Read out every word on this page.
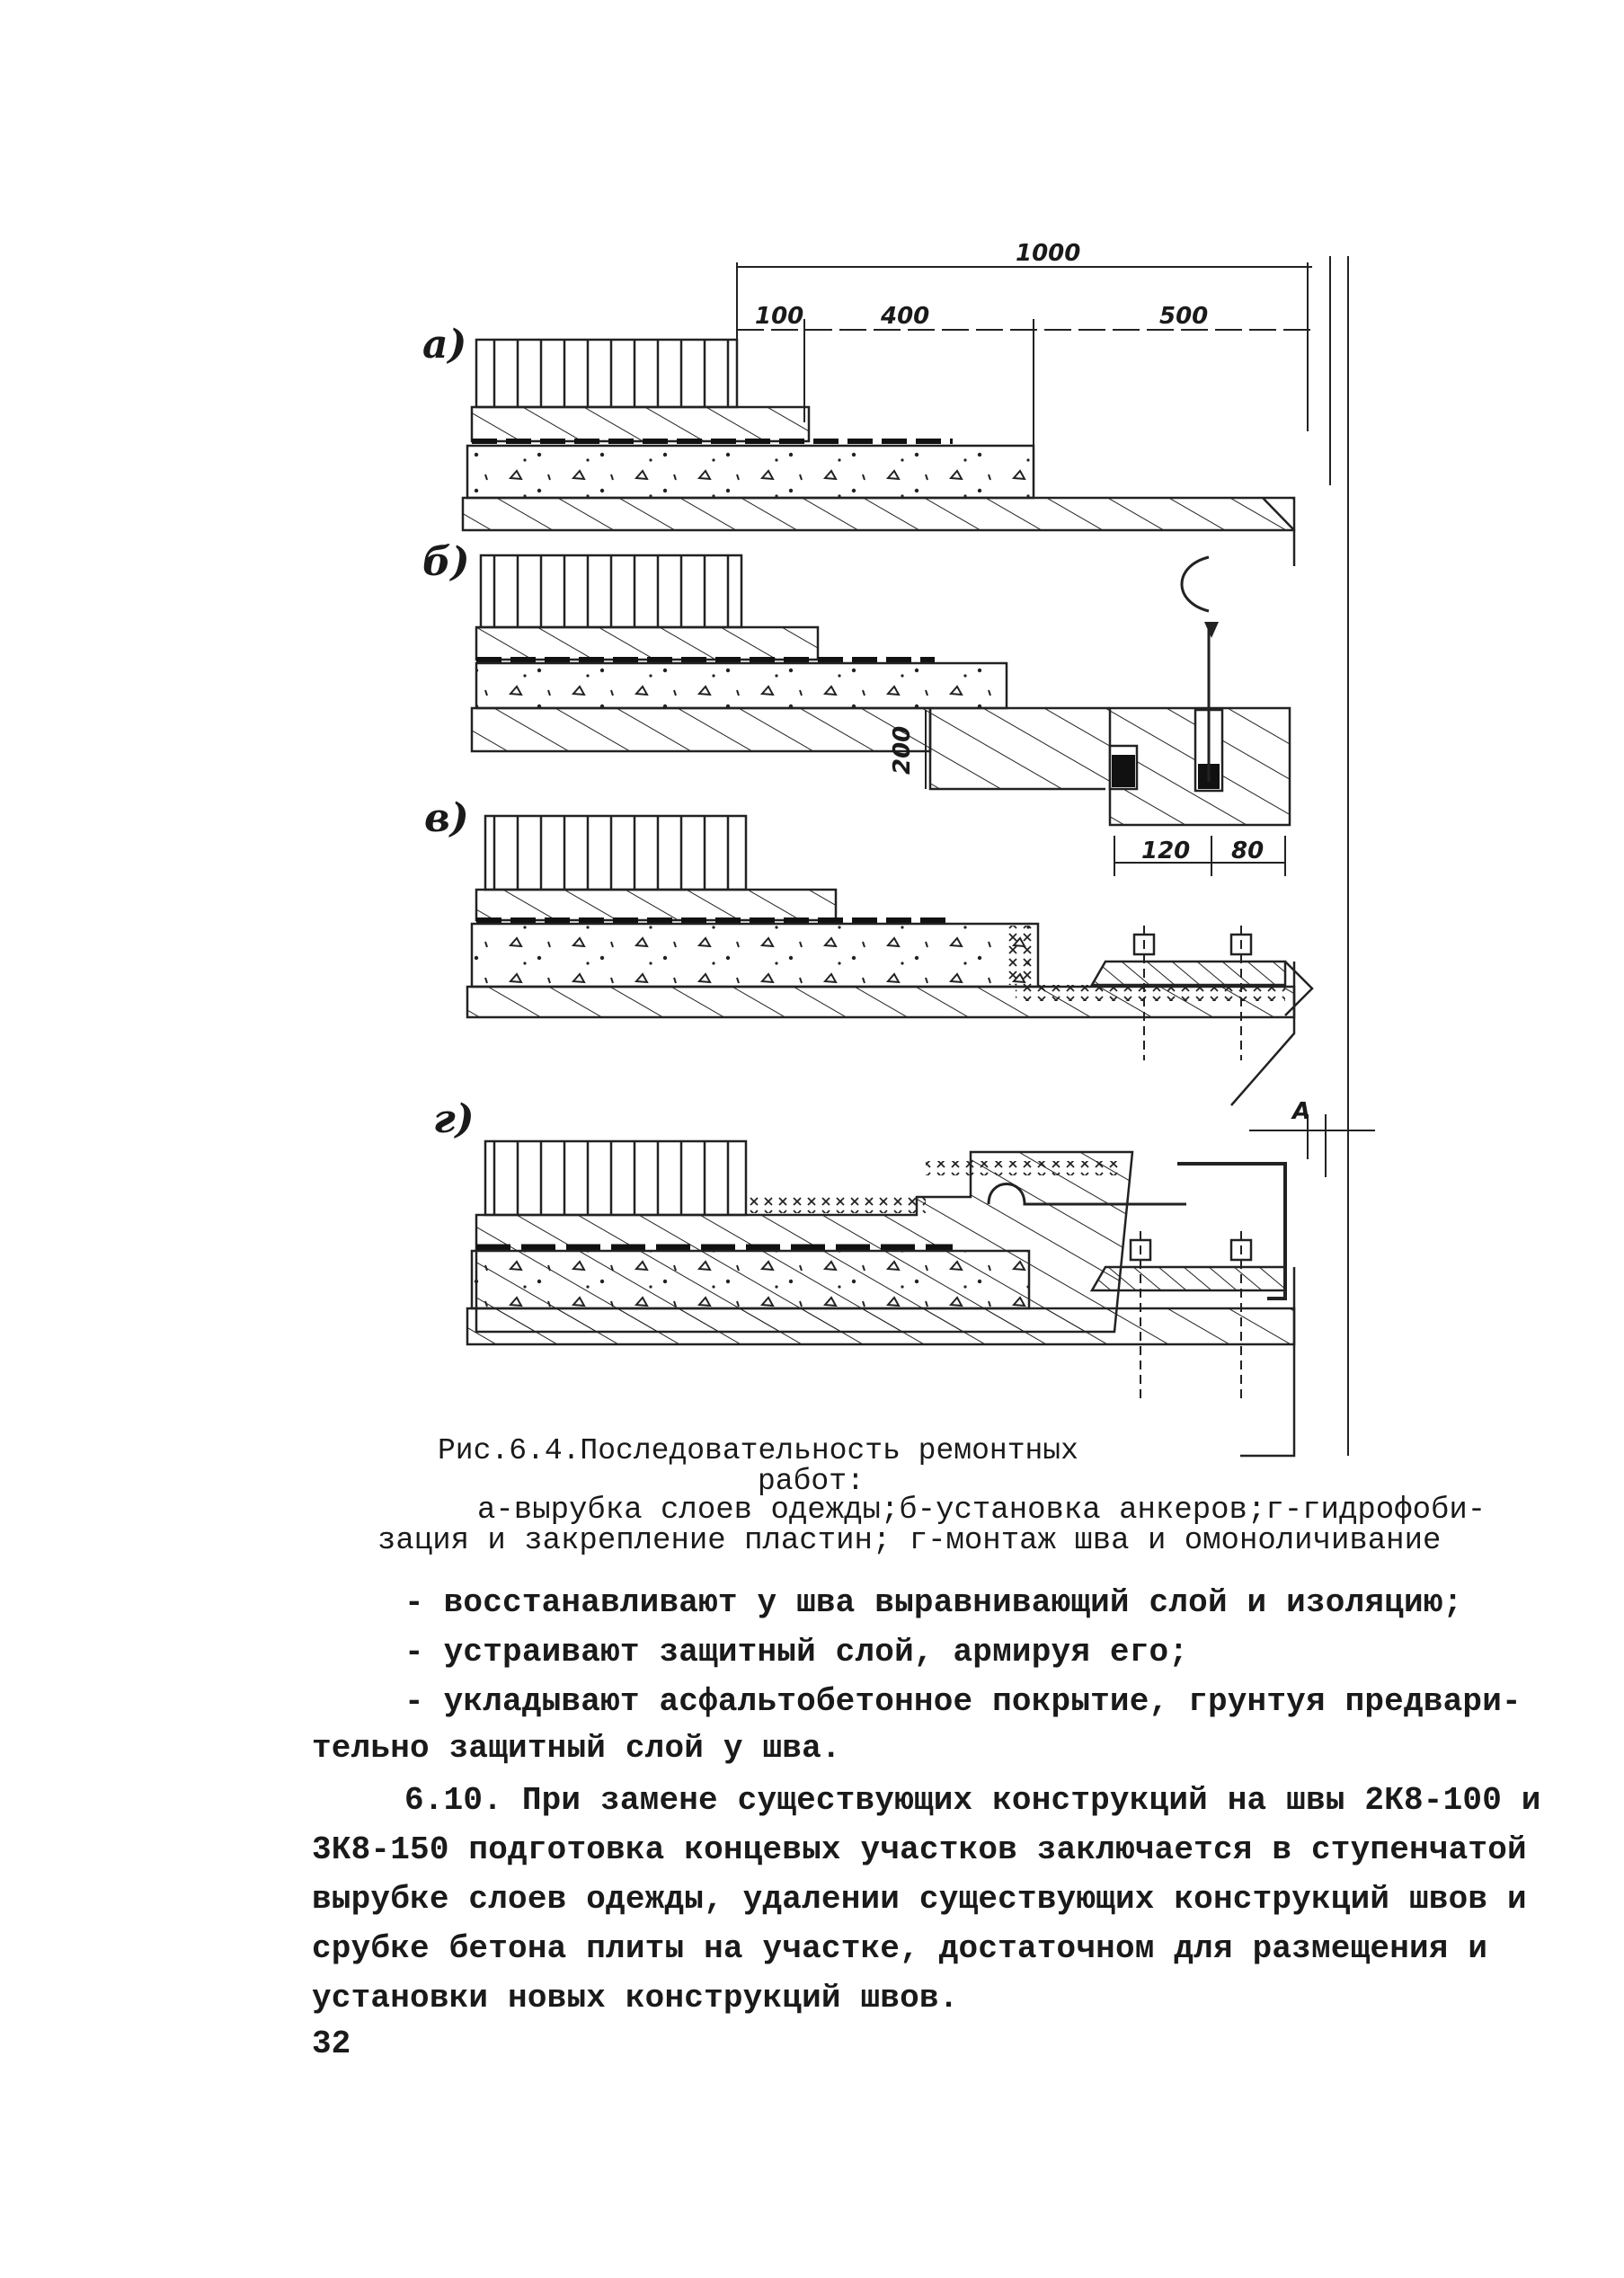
а)
1000
100	400	500
б)
200
120 80
в)
г)	A
Рис.6.4.Последовательность ремонтных
работ:
а-вырубка слоев одежды;б-установка анкеров;г-гидрофоби-
зация и закрепление пластин; г-монтаж шва и омоноличивание
- восстанавливают у шва выравнивающий слой и изоляцию;
- устраивают защитный слой, армируя его;
- укладывают асфальтобетонное покрытие, грунтуя предвари-
тельно защитный слой у шва.
6.10. При замене существующих конструкций на швы 2К8-100 и
3К8-150 подготовка концевых участков заключается в ступенчатой
вырубке слоев одежды, удалении существующих конструкций швов и
срубке бетона плиты на участке, достаточном для размещения и
установки новых конструкций швов.
32
